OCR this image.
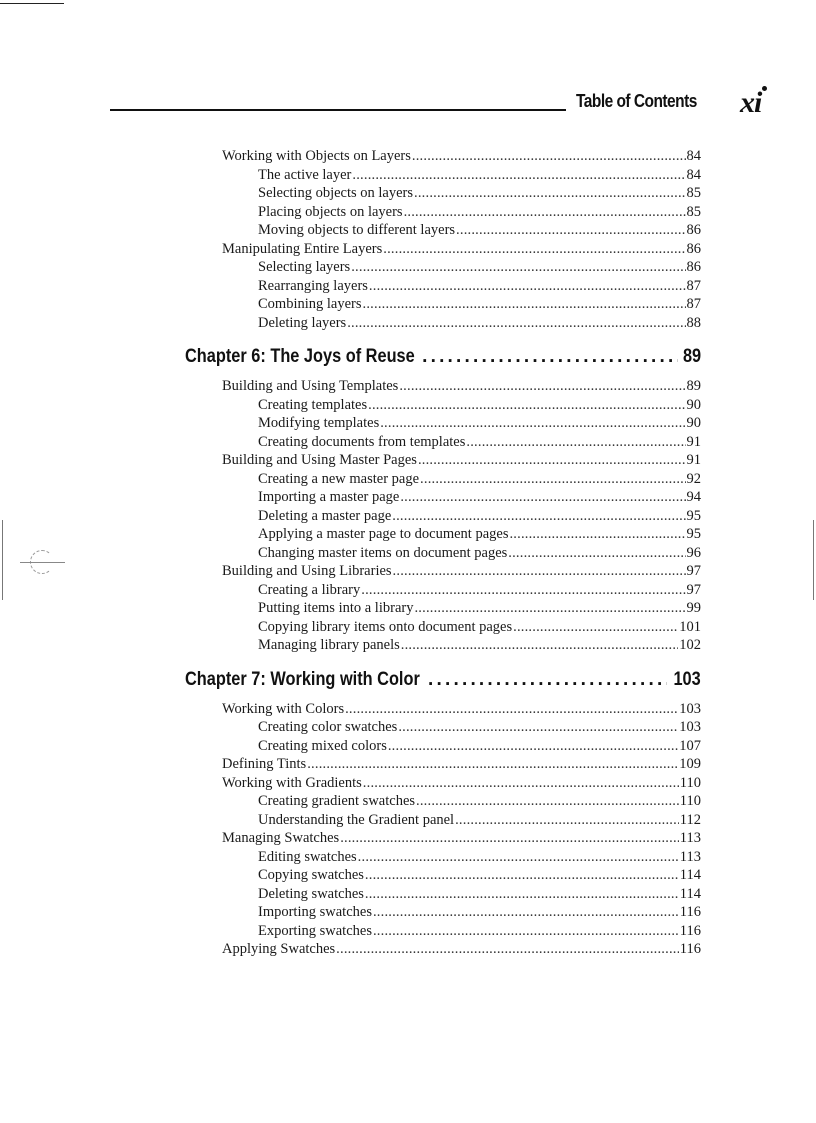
Table of Contents xi
Working with Objects on Layers .....	84
The active layer .....	84
Selecting objects on layers .....	85
Placing objects on layers .....	85
Moving objects to different layers .....	86
Manipulating Entire Layers .....	86
Selecting layers .....	86
Rearranging layers .....	87
Combining layers .....	87
Deleting layers .....	88
Chapter 6: The Joys of Reuse .....	89
Building and Using Templates .....	89
Creating templates .....	90
Modifying templates .....	90
Creating documents from templates .....	91
Building and Using Master Pages .....	91
Creating a new master page .....	92
Importing a master page .....	94
Deleting a master page .....	95
Applying a master page to document pages .....	95
Changing master items on document pages .....	96
Building and Using Libraries .....	97
Creating a library .....	97
Putting items into a library .....	99
Copying library items onto document pages .....	101
Managing library panels .....	102
Chapter 7: Working with Color .....	103
Working with Colors .....	103
Creating color swatches .....	103
Creating mixed colors .....	107
Defining Tints .....	109
Working with Gradients .....	110
Creating gradient swatches .....	110
Understanding the Gradient panel .....	112
Managing Swatches .....	113
Editing swatches .....	113
Copying swatches .....	114
Deleting swatches .....	114
Importing swatches .....	116
Exporting swatches .....	116
Applying Swatches .....	116
